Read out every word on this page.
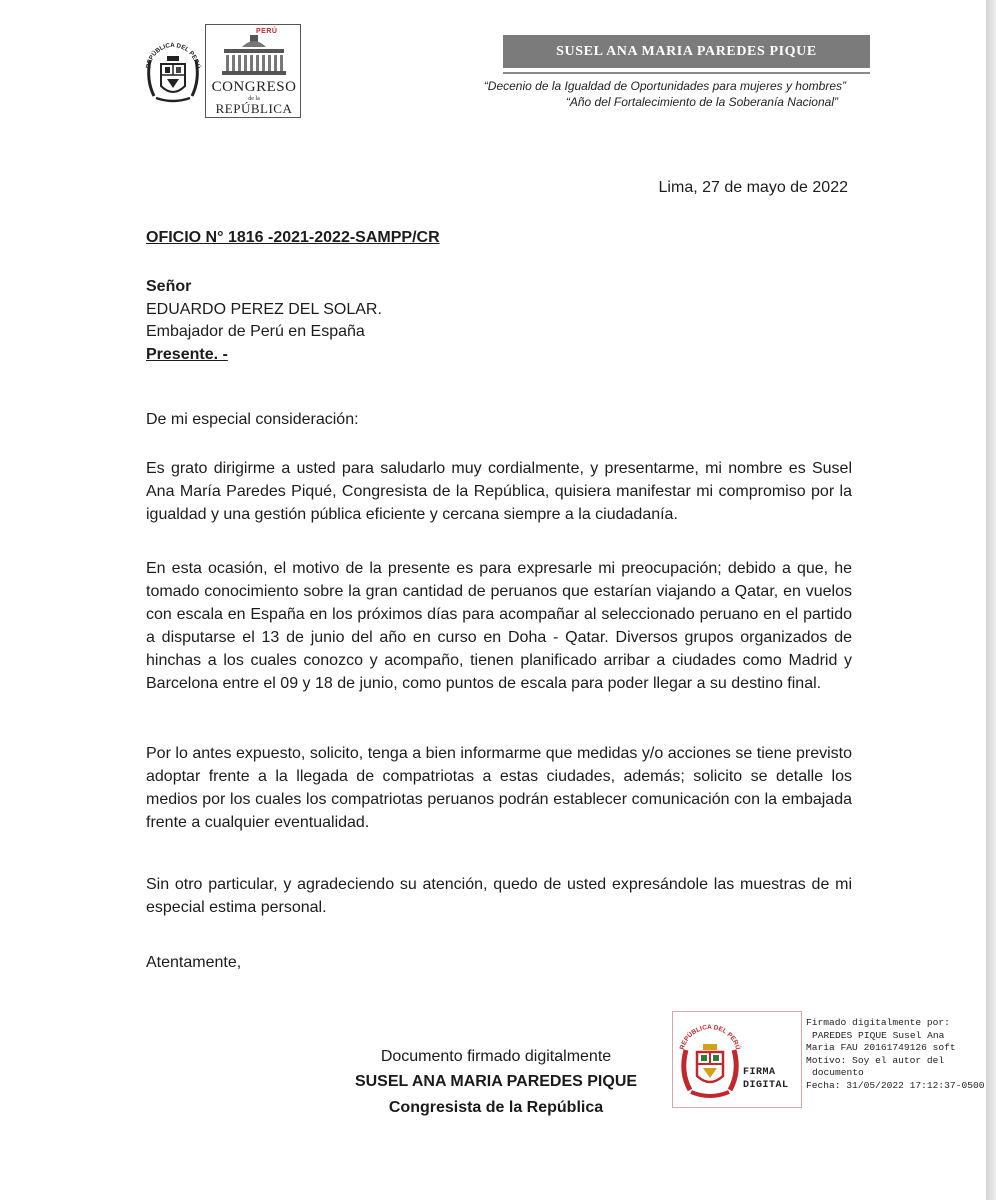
REPÚBLICA DEL PERÚ
PERÚ
CONGRESO
de la
REPÚBLICA
SUSEL ANA MARIA PAREDES PIQUE
“Decenio de la Igualdad de Oportunidades para mujeres y hombres”
“Año del Fortalecimiento de la Soberanía Nacional”
Lima, 27 de mayo de 2022
OFICIO N° 1816 -2021-2022-SAMPP/CR
Señor
EDUARDO PEREZ DEL SOLAR.
Embajador de Perú en España
Presente. -
De mi especial consideración:

Es grato dirigirme a usted para saludarlo muy cordialmente, y presentarme, mi nombre es Susel Ana María Paredes Piqué, Congresista de la República, quisiera manifestar mi compromiso por la igualdad y una gestión pública eficiente y cercana siempre a la ciudadanía.

En esta ocasión, el motivo de la presente es para expresarle mi preocupación; debido a que, he tomado conocimiento sobre la gran cantidad de peruanos que estarían viajando a Qatar, en vuelos con escala en España en los próximos días para acompañar al seleccionado peruano en el partido a disputarse el 13 de junio del año en curso en Doha - Qatar. Diversos grupos organizados de hinchas a los cuales conozco y acompaño, tienen planificado arribar a ciudades como Madrid y Barcelona entre el 09 y 18 de junio, como puntos de escala para poder llegar a su destino final.

Por lo antes expuesto, solicito, tenga a bien informarme que medidas y/o acciones se tiene previsto adoptar frente a la llegada de compatriotas a estas ciudades, además; solicito se detalle los medios por los cuales los compatriotas peruanos podrán establecer comunicación con la embajada frente a cualquier eventualidad.

Sin otro particular, y agradeciendo su atención, quedo de usted expresándole las muestras de mi especial estima personal.

Atentamente,
Documento firmado digitalmente
SUSEL ANA MARIA PAREDES PIQUE
Congresista de la República
REPÚBLICA DEL PERÚ
FIRMA
DIGITAL
Firmado digitalmente por:
PAREDES PIQUE Susel Ana
Maria FAU 20161749126 soft
Motivo: Soy el autor del
documento
Fecha: 31/05/2022 17:12:37-0500
